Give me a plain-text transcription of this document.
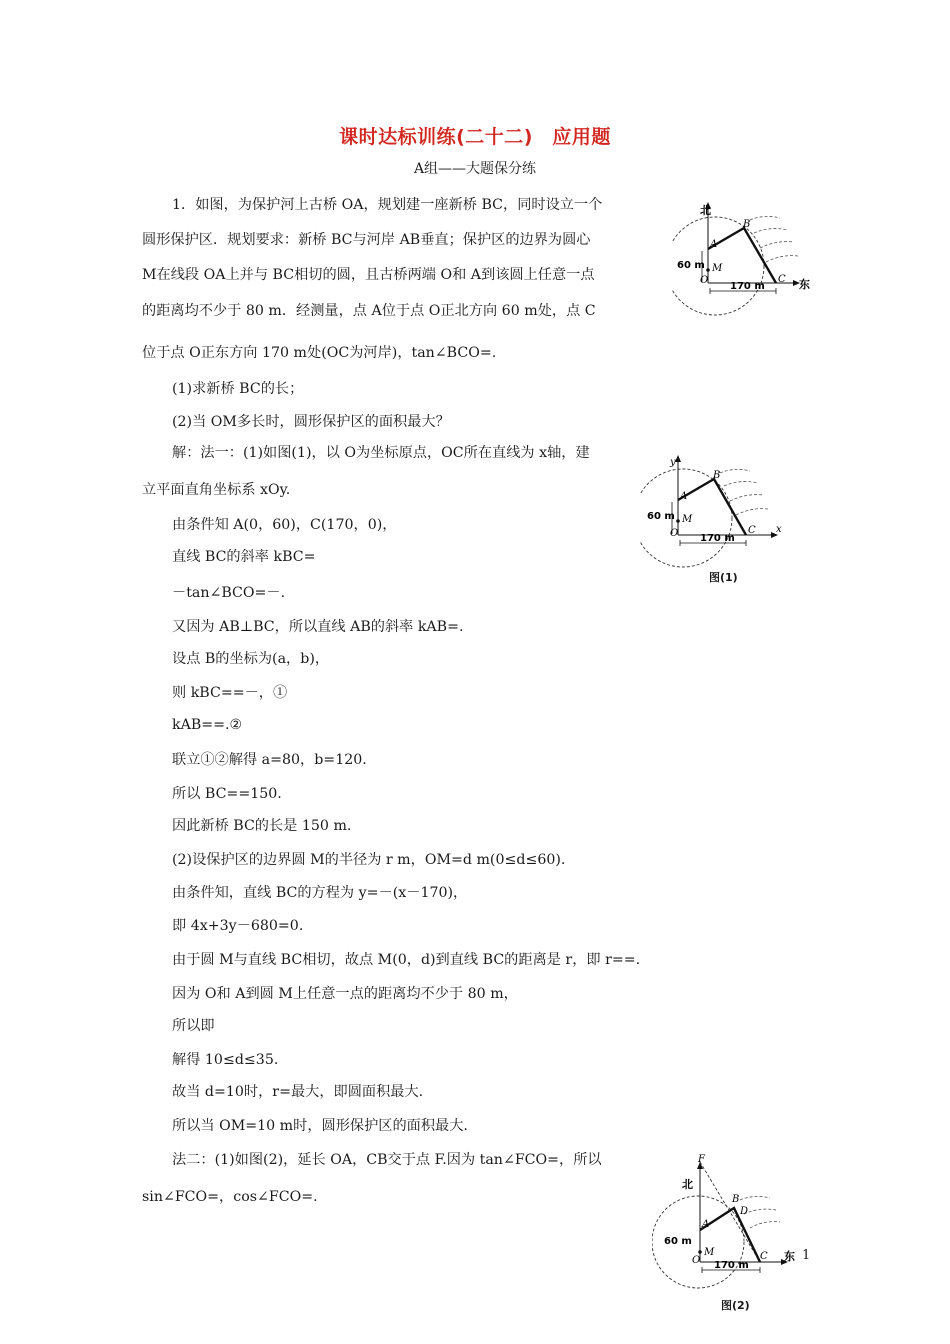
课时达标训练(二十二)　应用题
A组——大题保分练
1．如图，为保护河上古桥 OA，规划建一座新桥 BC，同时设立一个
圆形保护区．规划要求：新桥 BC与河岸 AB垂直；保护区的边界为圆心
M在线段 OA上并与 BC相切的圆，且古桥两端 O和 A到该圆上任意一点
的距离均不少于 80 m．经测量，点 A位于点 O正北方向 60 m处，点 C
位于点 O正东方向 170 m处(OC为河岸)，tan∠BCO=.
(1)求新桥 BC的长；
(2)当 OM多长时，圆形保护区的面积最大？
解：法一：(1)如图(1)，以 O为坐标原点，OC所在直线为 x轴，建
立平面直角坐标系 xOy.
由条件知 A(0，60)，C(170，0)，
直线 BC的斜率 kBC=
－tan∠BCO=－.
又因为 AB⊥BC，所以直线 AB的斜率 kAB=.
设点 B的坐标为(a，b)，
则 kBC==－，①
kAB==.②
联立①②解得 a=80，b=120.
所以 BC==150.
因此新桥 BC的长是 150 m.
(2)设保护区的边界圆 M的半径为 r m，OM=d m(0≤d≤60).
由条件知，直线 BC的方程为 y=－(x－170)，
即 4x+3y－680=0.
由于圆 M与直线 BC相切，故点 M(0，d)到直线 BC的距离是 r，即 r==.
因为 O和 A到圆 M上任意一点的距离均不少于 80 m，
所以即
解得 10≤d≤35.
故当 d=10时，r=最大，即圆面积最大.
所以当 OM=10 m时，圆形保护区的面积最大.
法二：(1)如图(2)，延长 OA，CB交于点 F.因为 tan∠FCO=，所以
sin∠FCO=，cos∠FCO=.
北
东
A
B
C
M
O
60 m
170 m
y
x
A
B
C
M
O
60 m
170 m
图(1)
F
北
东
A
B
D
C
M
O
60 m
170 m
图(2)
1
